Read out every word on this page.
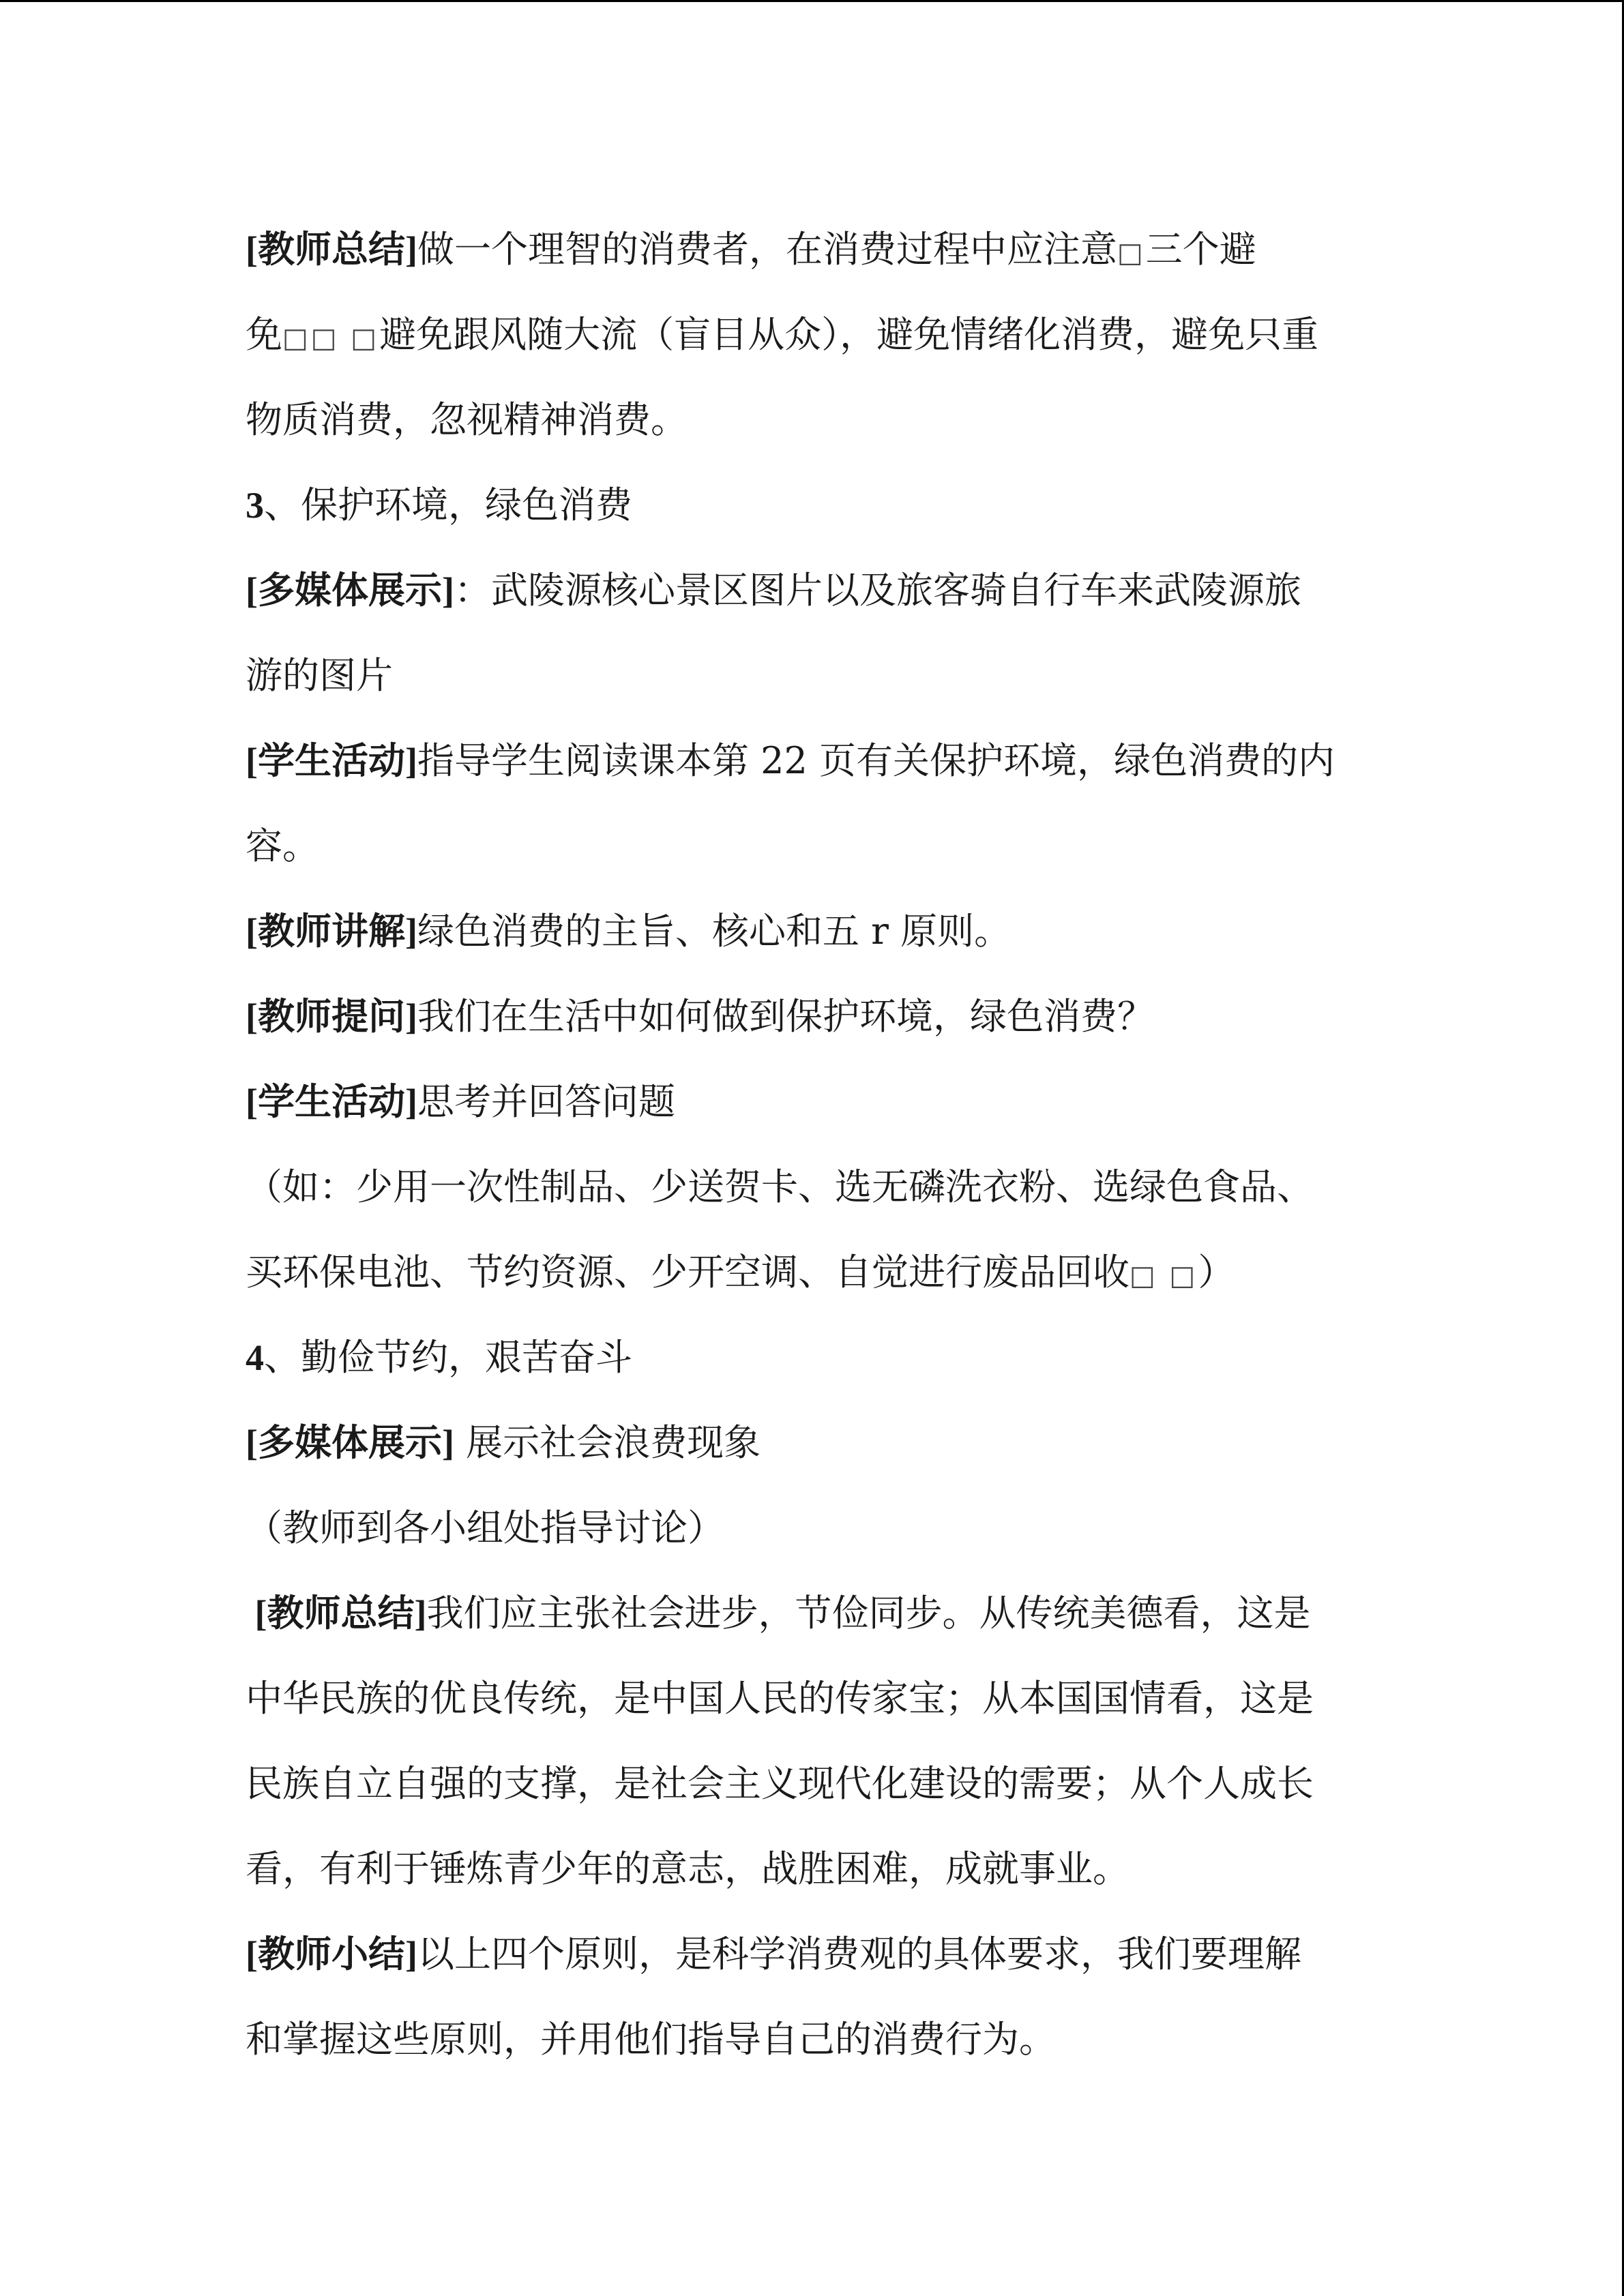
[教师总结]做一个理智的消费者，在消费过程中应注意□三个避
免□□ □避免跟风随大流（盲目从众），避免情绪化消费，避免只重
物质消费，忽视精神消费。
3、保护环境，绿色消费
[多媒体展示]：武陵源核心景区图片以及旅客骑自行车来武陵源旅
游的图片
[学生活动]指导学生阅读课本第 22 页有关保护环境，绿色消费的内
容。
[教师讲解]绿色消费的主旨、核心和五 r 原则。
[教师提问]我们在生活中如何做到保护环境，绿色消费？
[学生活动]思考并回答问题
（如：少用一次性制品、少送贺卡、选无磷洗衣粉、选绿色食品、
买环保电池、节约资源、少开空调、自觉进行废品回收□ □）
4、勤俭节约，艰苦奋斗
[多媒体展示] 展示社会浪费现象
（教师到各小组处指导讨论）
[教师总结]我们应主张社会进步，节俭同步。从传统美德看，这是
中华民族的优良传统，是中国人民的传家宝；从本国国情看，这是
民族自立自强的支撑，是社会主义现代化建设的需要；从个人成长
看，有利于锤炼青少年的意志，战胜困难，成就事业。
[教师小结]以上四个原则，是科学消费观的具体要求，我们要理解
和掌握这些原则，并用他们指导自己的消费行为。
